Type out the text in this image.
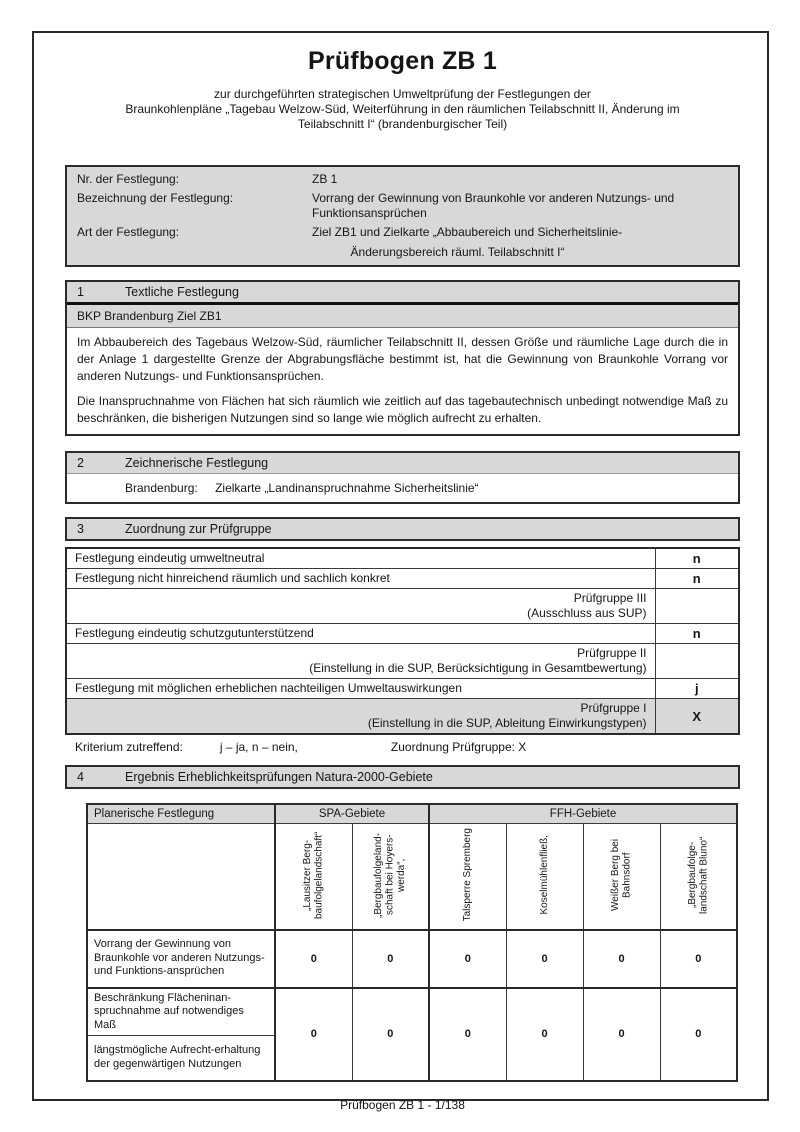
Prüfbogen ZB 1
zur durchgeführten strategischen Umweltprüfung der Festlegungen der
Braunkohlenpläne „Tagebau Welzow-Süd, Weiterführung in den räumlichen Teilabschnitt II, Änderung im
Teilabschnitt I“ (brandenburgischer Teil)
Nr. der Festlegung:	ZB 1
Bezeichnung der Festlegung:	Vorrang der Gewinnung von Braunkohle vor anderen Nutzungs- und Funktionsansprüchen
Art der Festlegung:	Ziel ZB1 und Zielkarte „Abbaubereich und Sicherheitslinie-
Änderungsbereich räuml. Teilabschnitt I“
1	Textliche Festlegung
BKP Brandenburg Ziel ZB1

Im Abbaubereich des Tagebaus Welzow-Süd, räumlicher Teilabschnitt II, dessen Größe und räumliche Lage durch die in der Anlage 1 dargestellte Grenze der Abgrabungsfläche bestimmt ist, hat die Gewinnung von Braunkohle Vorrang vor anderen Nutzungs- und Funktionsansprüchen.

Die Inanspruchnahme von Flächen hat sich räumlich wie zeitlich auf das tagebautechnisch unbedingt notwendige Maß zu beschränken, die bisherigen Nutzungen sind so lange wie möglich aufrecht zu erhalten.

2	Zeichnerische Festlegung
Brandenburg: Zielkarte „Landinanspruchnahme Sicherheitslinie“
3	Zuordnung zur Prüfgruppe
Festlegung eindeutig umweltneutral	n
Festlegung nicht hinreichend räumlich und sachlich konkret	n

Prüfgruppe III
(Ausschluss aus SUP)	

Festlegung eindeutig schutzgutunterstützend	n

Prüfgruppe II
(Einstellung in die SUP, Berücksichtigung in Gesamtbewertung)	

Festlegung mit möglichen erheblichen nachteiligen Umweltauswirkungen	j

Prüfgruppe I
(Einstellung in die SUP, Ableitung Einwirkungstypen)	X
Kriterium zutreffend:	j – ja, n – nein,	Zuordnung Prüfgruppe: X
4	Ergebnis Erheblichkeitsprüfungen Natura-2000-Gebiete
Planerische Festlegung	SPA-Gebiete		FFH-Gebiete			
	„Lausitzer Berg-baufolgelandschaft“	„Bergbaufolgeland-schaft bei Hoyers-werda“,	Talsperre Spremberg	Koselmühlenfließ,	Weißer Berg bei Bahnsdorf	„Bergbaufolge-landschaft Bluno“
Vorrang der Gewinnung von Braunkohle vor anderen Nutzungs- und Funktions-ansprüchen	0	0	0	0	0	0
Beschränkung Flächeninan-spruchnahme auf notwendiges Maß	0	0	0	0	0	0
längstmögliche Aufrecht-erhaltung der gegenwärtigen Nutzungen						
Prüfbogen ZB 1 - 1/138
